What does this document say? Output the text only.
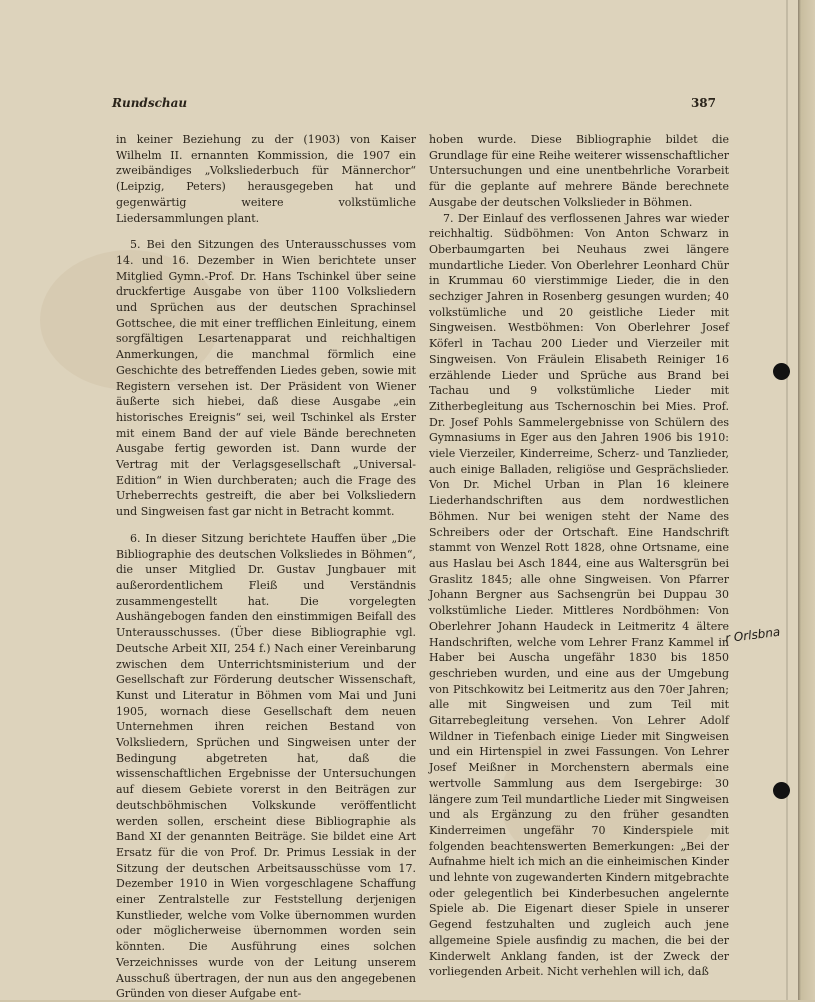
Rundschau	387

in keiner Beziehung zu der (1903) von Kaiser Wilhelm II. ernannten Kommission, die 1907 ein zweibändiges „Volksliederbuch für Männerchor“ (Leipzig, Peters) herausgegeben hat und gegenwärtig weitere volkstümliche Liedersammlungen plant.

5. Bei den Sitzungen des Unterausschusses vom 14. und 16. Dezember in Wien berichtete unser Mitglied Gymn.-Prof. Dr. Hans Tschinkel über seine druckfertige Ausgabe von über 1100 Volksliedern und Sprüchen aus der deutschen Sprachinsel Gottschee, die mit einer trefflichen Einleitung, einem sorgfältigen Lesartenapparat und reichhaltigen Anmerkungen, die manchmal förmlich eine Geschichte des betreffenden Liedes geben, sowie mit Registern versehen ist. Der Präsident von Wiener äußerte sich hiebei, daß diese Ausgabe „ein historisches Ereignis“ sei, weil Tschinkel als Erster mit einem Band der auf viele Bände berechneten Ausgabe fertig geworden ist. Dann wurde der Vertrag mit der Verlagsgesellschaft „Universal-Edition“ in Wien durchberaten; auch die Frage des Urheberrechts gestreift, die aber bei Volksliedern und Singweisen fast gar nicht in Betracht kommt.

6. In dieser Sitzung berichtete Hauffen über „Die Bibliographie des deutschen Volksliedes in Böhmen“, die unser Mitglied Dr. Gustav Jungbauer mit außerordentlichem Fleiß und Verständnis zusammengestellt hat. Die vorgelegten Aushängebogen fanden den einstimmigen Beifall des Unterausschusses. (Über diese Bibliographie vgl. Deutsche Arbeit XII, 254 f.) Nach einer Vereinbarung zwischen dem Unterrichtsministerium und der Gesellschaft zur Förderung deutscher Wissenschaft, Kunst und Literatur in Böhmen vom Mai und Juni 1905, wornach diese Gesellschaft dem neuen Unternehmen ihren reichen Bestand von Volksliedern, Sprüchen und Singweisen unter der Bedingung abgetreten hat, daß die wissenschaftlichen Ergebnisse der Untersuchungen auf diesem Gebiete vorerst in den Beiträgen zur deutschböhmischen Volkskunde veröffentlicht werden sollen, erscheint diese Bibliographie als Band XI der genannten Beiträge. Sie bildet eine Art Ersatz für die von Prof. Dr. Primus Lessiak in der Sitzung der deutschen Arbeitsausschüsse vom 17. Dezember 1910 in Wien vorgeschlagene Schaffung einer Zentralstelle zur Feststellung derjenigen Kunstlieder, welche vom Volke übernommen wurden oder möglicherweise übernommen worden sein könnten. Die Ausführung eines solchen Verzeichnisses wurde von der Leitung unserem Ausschuß übertragen, der nun aus den angegebenen Gründen von dieser Aufgabe ent-

hoben wurde. Diese Bibliographie bildet die Grundlage für eine Reihe weiterer wissenschaftlicher Untersuchungen und eine unentbehrliche Vorarbeit für die geplante auf mehrere Bände berechnete Ausgabe der deutschen Volkslieder in Böhmen.

7. Der Einlauf des verflossenen Jahres war wieder reichhaltig. Südböhmen: Von Anton Schwarz in Oberbaumgarten bei Neuhaus zwei längere mundartliche Lieder. Von Oberlehrer Leonhard Chür in Krummau 60 vierstimmige Lieder, die in den sechziger Jahren in Rosenberg gesungen wurden; 40 volkstümliche und 20 geistliche Lieder mit Singweisen. Westböhmen: Von Oberlehrer Josef Köferl in Tachau 200 Lieder und Vierzeiler mit Singweisen. Von Fräulein Elisabeth Reiniger 16 erzählende Lieder und Sprüche aus Brand bei Tachau und 9 volkstümliche Lieder mit Zitherbegleitung aus Tschernoschin bei Mies. Prof. Dr. Josef Pohls Sammelergebnisse von Schülern des Gymnasiums in Eger aus den Jahren 1906 bis 1910: viele Vierzeiler, Kinderreime, Scherz- und Tanzlieder, auch einige Balladen, religiöse und Gesprächslieder. Von Dr. Michel Urban in Plan 16 kleinere Liederhandschriften aus dem nordwestlichen Böhmen. Nur bei wenigen steht der Name des Schreibers oder der Ortschaft. Eine Handschrift stammt von Wenzel Rott 1828, ohne Ortsname, eine aus Haslau bei Asch 1844, eine aus Waltersgrün bei Graslitz 1845; alle ohne Singweisen. Von Pfarrer Johann Bergner aus Sachsengrün bei Duppau 30 volkstümliche Lieder. Mittleres Nordböhmen: Von Oberlehrer Johann Haudeck in Leitmeritz 4 ältere Handschriften, welche vom Lehrer Franz Kammel in Haber bei Auscha ungefähr 1830 bis 1850 geschrieben wurden, und eine aus der Umgebung von Pitschkowitz bei Leitmeritz aus den 70er Jahren; alle mit Singweisen und zum Teil mit Gitarrebegleitung versehen. Von Lehrer Adolf Wildner in Tiefenbach einige Lieder mit Singweisen und ein Hirtenspiel in zwei Fassungen. Von Lehrer Josef Meißner in Morchenstern abermals eine wertvolle Sammlung aus dem Isergebirge: 30 längere zum Teil mundartliche Lieder mit Singweisen und als Ergänzung zu den früher gesandten Kinderreimen ungefähr 70 Kinderspiele mit folgenden beachtenswerten Bemerkungen: „Bei der Aufnahme hielt ich mich an die einheimischen Kinder und lehnte von zugewanderten Kindern mitgebrachte oder gelegentlich bei Kinderbesuchen angelernte Spiele ab. Die Eigenart dieser Spiele in unserer Gegend festzuhalten und zugleich auch jene allgemeine Spiele ausfindig zu machen, die bei der Kinderwelt Anklang fanden, ist der Zweck der vorliegenden Arbeit. Nicht verhehlen will ich, daß

r Orlsbna
